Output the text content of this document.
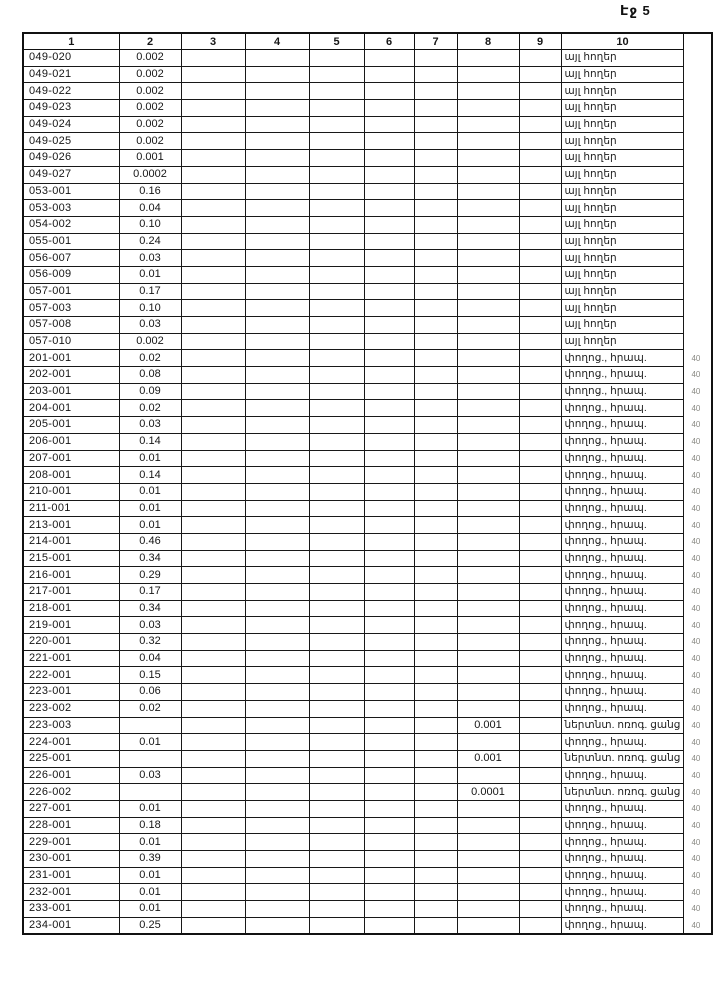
Էջ 5
1	2	3	4	5	6	7	8	9	10	
049-020	0.002								այլ հողեր	
049-021	0.002								այլ հողեր	
049-022	0.002								այլ հողեր	
049-023	0.002								այլ հողեր	
049-024	0.002								այլ հողեր	
049-025	0.002								այլ հողեր	
049-026	0.001								այլ հողեր	
049-027	0.0002								այլ հողեր	
053-001	0.16								այլ հողեր	
053-003	0.04								այլ հողեր	
054-002	0.10								այլ հողեր	
055-001	0.24								այլ հողեր	
056-007	0.03								այլ հողեր	
056-009	0.01								այլ հողեր	
057-001	0.17								այլ հողեր	
057-003	0.10								այլ հողեր	
057-008	0.03								այլ հողեր	
057-010	0.002								այլ հողեր	
201-001	0.02								փողոց., հրապ.	40
202-001	0.08								փողոց., հրապ.	40
203-001	0.09								փողոց., հրապ.	40
204-001	0.02								փողոց., հրապ.	40
205-001	0.03								փողոց., հրապ.	40
206-001	0.14								փողոց., հրապ.	40
207-001	0.01								փողոց., հրապ.	40
208-001	0.14								փողոց., հրապ.	40
210-001	0.01								փողոց., հրապ.	40
211-001	0.01								փողոց., հրապ.	40
213-001	0.01								փողոց., հրապ.	40
214-001	0.46								փողոց., հրապ.	40
215-001	0.34								փողոց., հրապ.	40
216-001	0.29								փողոց., հրապ.	40
217-001	0.17								փողոց., հրապ.	40
218-001	0.34								փողոց., հրապ.	40
219-001	0.03								փողոց., հրապ.	40
220-001	0.32								փողոց., հրապ.	40
221-001	0.04								փողոց., հրապ.	40
222-001	0.15								փողոց., հրապ.	40
223-001	0.06								փողոց., հրապ.	40
223-002	0.02								փողոց., հրապ.	40
223-003							0.001		ներտնտ. ոռոգ. ցանց	40
224-001	0.01								փողոց., հրապ.	40
225-001							0.001		ներտնտ. ոռոգ. ցանց	40
226-001	0.03								փողոց., հրապ.	40
226-002							0.0001		ներտնտ. ոռոգ. ցանց	40
227-001	0.01								փողոց., հրապ.	40
228-001	0.18								փողոց., հրապ.	40
229-001	0.01								փողոց., հրապ.	40
230-001	0.39								փողոց., հրապ.	40
231-001	0.01								փողոց., հրապ.	40
232-001	0.01								փողոց., հրապ.	40
233-001	0.01								փողոց., հրապ.	40
234-001	0.25								փողոց., հրապ.	40
